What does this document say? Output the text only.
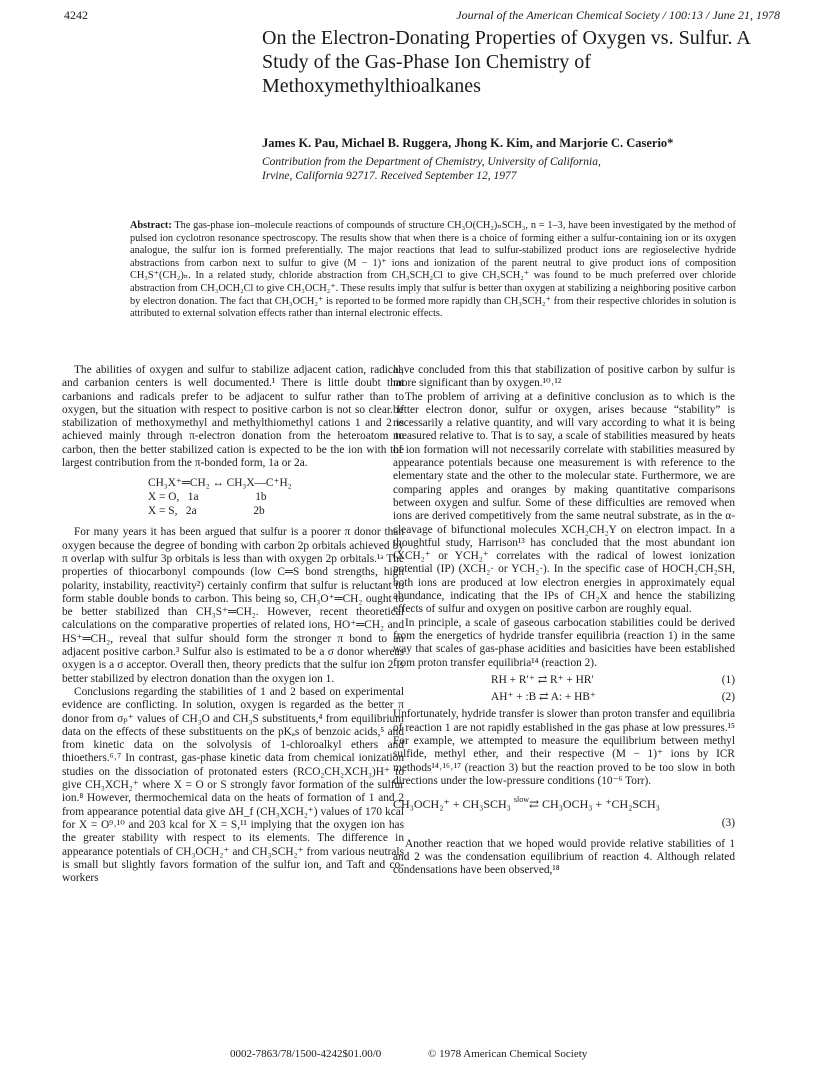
4242	Journal of the American Chemical Society / 100:13 / June 21, 1978
On the Electron-Donating Properties of Oxygen vs. Sulfur. A Study of the Gas-Phase Ion Chemistry of Methoxymethylthioalkanes
James K. Pau, Michael B. Ruggera, Jhong K. Kim, and Marjorie C. Caserio*
Contribution from the Department of Chemistry, University of California,
Irvine, California 92717. Received September 12, 1977
Abstract: The gas-phase ion–molecule reactions of compounds of structure CH₃O(CH₂)ₙSCH₃, n = 1–3, have been investigated by the method of pulsed ion cyclotron resonance spectroscopy. The results show that when there is a choice of forming either a sulfur-containing ion or its oxygen analogue, the sulfur ion is formed preferentially. The major reactions that lead to sulfur-stabilized product ions are regioselective hydride abstractions from carbon next to sulfur to give (M − 1)⁺ ions and ionization of the parent neutral to give product ions of composition CH₃S⁺(CH₂)ₙ. In a related study, chloride abstraction from CH₃SCH₂Cl to give CH₃SCH₂⁺ was found to be much preferred over chloride abstraction from CH₃OCH₂Cl to give CH₃OCH₂⁺. These results imply that sulfur is better than oxygen at stabilizing a neighboring positive carbon by electron donation. The fact that CH₃OCH₂⁺ is reported to be formed more rapidly than CH₃SCH₂⁺ from their respective chlorides in solution is attributed to external solvation effects rather than internal electronic effects.

The abilities of oxygen and sulfur to stabilize adjacent cation, radical, and carbanion centers is well documented.¹ There is little doubt that carbanions and radicals prefer to be adjacent to sulfur rather than to oxygen, but the situation with respect to positive carbon is not so clear. If stabilization of methoxymethyl and methylthiomethyl cations 1 and 2 is achieved mainly through π-electron donation from the heteroatom to carbon, then the better stabilized cation is expected to be the ion with the largest contribution from the π-bonded form, 1a or 2a.

CH₃X⁺═CH₂ ↔ CH₃X—C⁺H₂
X = O,   1a                    1b
X = S,   2a                    2b

For many years it has been argued that sulfur is a poorer π donor than oxygen because the degree of bonding with carbon 2p orbitals achieved by π overlap with sulfur 3p orbitals is less than with oxygen 2p orbitals.¹ᵃ The properties of thiocarbonyl compounds (low C═S bond strengths, high polarity, instability, reactivity²) certainly confirm that sulfur is reluctant to form stable double bonds to carbon. This being so, CH₃O⁺═CH₂ ought to be better stabilized than CH₃S⁺═CH₂. However, recent theoretical calculations on the comparative properties of related ions, HO⁺═CH₂ and HS⁺═CH₂, reveal that sulfur should form the stronger π bond to an adjacent positive carbon.³ Sulfur also is estimated to be a σ donor whereas oxygen is a σ acceptor. Overall then, theory predicts that the sulfur ion 2 is better stabilized by electron donation than the oxygen ion 1.

Conclusions regarding the stabilities of 1 and 2 based on experimental evidence are conflicting. In solution, oxygen is regarded as the better π donor from σₚ⁺ values of CH₃O and CH₃S substituents,⁴ from equilibrium data on the effects of these substituents on the pKₐs of benzoic acids,⁵ and from kinetic data on the solvolysis of 1-chloroalkyl ethers and thioethers.⁶˒⁷ In contrast, gas-phase kinetic data from chemical ionization studies on the dissociation of protonated esters (RCO₂CH₂XCH₃)H⁺ to give CH₃XCH₂⁺ where X = O or S strongly favor formation of the sulfur ion.⁸ However, thermochemical data on the heats of formation of 1 and 2 from appearance potential data give ΔH_f (CH₃XCH₂⁺) values of 170 kcal for X = O⁹˒¹⁰ and 203 kcal for X = S,¹¹ implying that the oxygen ion has the greater stability with respect to its elements. The difference in appearance potentials of CH₃OCH₂⁺ and CH₃SCH₂⁺ from various neutrals is small but slightly favors formation of the sulfur ion, and Taft and co-workers

have concluded from this that stabilization of positive carbon by sulfur is more significant than by oxygen.¹⁰˒¹²

The problem of arriving at a definitive conclusion as to which is the better electron donor, sulfur or oxygen, arises because “stability” is necessarily a relative quantity, and will vary according to what it is being measured relative to. That is to say, a scale of stabilities measured by heats of ion formation will not necessarily correlate with stabilities measured by appearance potentials because one measurement is with reference to the elementary state and the other to the molecular state. Furthermore, we are comparing apples and oranges by making quantitative comparisons between oxygen and sulfur. Some of these difficulties are removed when ions are derived competitively from the same neutral substrate, as in the α-cleavage of bifunctional molecules XCH₂CH₂Y on electron impact. In a thoughtful study, Harrison¹³ has concluded that the most abundant ion (XCH₂⁺ or YCH₂⁺ correlates with the radical of lowest ionization potential (IP) (XCH₂· or YCH₂·). In the specific case of HOCH₂CH₂SH, both ions are produced at low electron energies in approximately equal abundance, indicating that the IPs of CH₂X and hence the stabilizing effects of sulfur and oxygen on positive carbon are roughly equal.

In principle, a scale of gaseous carbocation stabilities could be derived from the energetics of hydride transfer equilibria (reaction 1) in the same way that scales of gas-phase acidities and basicities have been established from proton transfer equilibria¹⁴ (reaction 2).

RH + R′⁺ ⇄ R⁺ + HR′	(1)
AH⁺ + :B ⇄ A: + HB⁺	(2)

Unfortunately, hydride transfer is slower than proton transfer and equilibria of reaction 1 are not rapidly established in the gas phase at low pressures.¹⁵ For example, we attempted to measure the equilibrium between methyl sulfide, methyl ether, and their respective (M − 1)⁺ ions by ICR methods¹⁴˒¹⁶˒¹⁷ (reaction 3) but the reaction proved to be too slow in both directions under the low-pressure conditions (10⁻⁶ Torr).

CH₃OCH₂⁺ + CH₃SCH₃ $^{slow}$⇄ CH₃OCH₃ + ⁺CH₂SCH₃
(3)

Another reaction that we hoped would provide relative stabilities of 1 and 2 was the condensation equilibrium of reaction 4. Although related condensations have been observed,¹⁸

0002-7863/78/1500-4242$01.00/0	© 1978 American Chemical Society
